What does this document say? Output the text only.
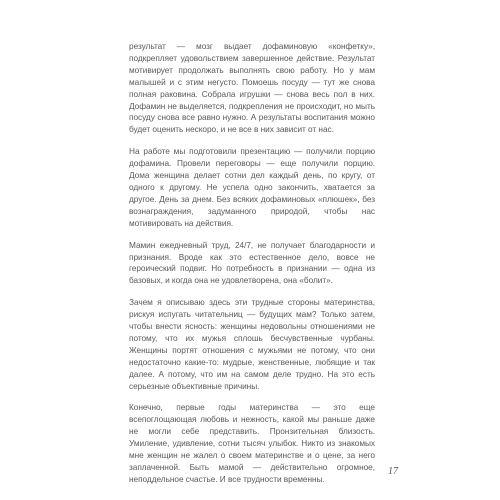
результат — мозг выдает дофаминовую «конфетку», подкрепляет удовольствием завершенное действие. Результат мотивирует продолжать выполнять свою работу. Но у мам малышей и с этим негусто. Помоешь посуду — тут же снова полная раковина. Собрала игрушки — снова весь пол в них. Дофамин не выделяется, подкрепления не происходит, но мыть посуду снова все равно нужно. А результаты воспитания можно будет оценить нескоро, и не все в них зависит от нас.

На работе мы подготовили презентацию — получили порцию дофамина. Провели переговоры — еще получили порцию. Дома женщина делает сотни дел каждый день, по кругу, от одного к другому. Не успела одно закончить, хватается за другое. День за днем. Без всяких дофаминовых «плюшек», без вознаграждения, задуманного природой, чтобы нас мотивировать на действия.

Мамин ежедневный труд, 24/7, не получает благодарности и признания. Вроде как это естественное дело, вовсе не героический подвиг. Но потребность в признании — одна из базовых, и когда она не удовлетворена, она «болит».

Зачем я описываю здесь эти трудные стороны материнства, рискуя испугать читательниц — будущих мам? Только затем, чтобы внести ясность: женщины недовольны отношениями не потому, что их мужья сплошь бесчувственные чурбаны. Женщины портят отношения с мужьями не потому, что они недостаточно какие-то: мудрые, женственные, любящие и так далее. А потому, что им на самом деле трудно. На это есть серьезные объективные причины.

Конечно, первые годы материнства — это еще всепоглощающая любовь и нежность, какой мы раньше даже не могли себе представить. Пронзительная близость. Умиление, удивление, сотни тысяч улыбок. Никто из знакомых мне женщин не жалел о своем материнстве и о цене, за него заплаченной. Быть мамой — действительно огромное, неподдельное счастье. И все трудности временны.

17
